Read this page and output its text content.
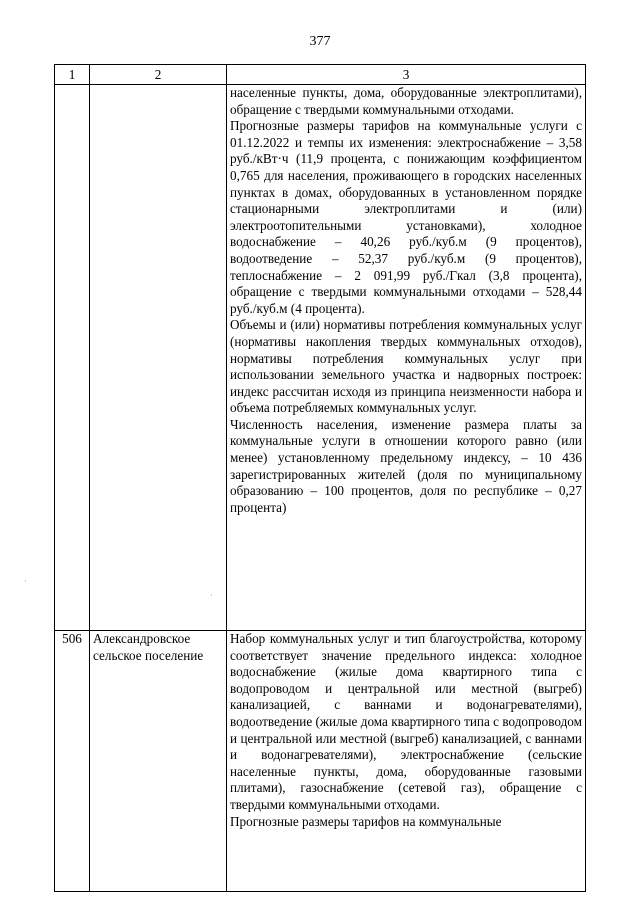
377
1	2	3

		населенные пункты, дома, оборудованные электроплитами), обращение с твердыми коммунальными отходами.

Прогнозные размеры тарифов на коммунальные услуги с 01.12.2022 и темпы их изменения: электроснабжение – 3,58 руб./кВт·ч (11,9 процента, с понижающим коэффициентом 0,765 для населения, проживающего в городских населенных пунктах в домах, оборудованных в установленном порядке стационарными электроплитами и (или) электроотопительными установками), холодное водоснабжение – 40,26 руб./куб.м (9 процентов), водоотведение – 52,37 руб./куб.м (9 процентов), теплоснабжение – 2 091,99 руб./Гкал (3,8 процента), обращение с твердыми коммунальными отходами – 528,44 руб./куб.м (4 процента).

Объемы и (или) нормативы потребления коммунальных услуг (нормативы накопления твердых коммунальных отходов), нормативы потребления коммунальных услуг при использовании земельного участка и надворных построек: индекс рассчитан исходя из принципа неизменности набора и объема потребляемых коммунальных услуг.

Численность населения, изменение размера платы за коммунальные услуги в отношении которого равно (или менее) установленному предельному индексу, – 10 436 зарегистрированных жителей (доля по муниципальному образованию – 100 процентов, доля по республике – 0,27 процента)

506	Александровское сельское поселение	Набор коммунальных услуг и тип благоустройства, которому соответствует значение предельного индекса: холодное водоснабжение (жилые дома квартирного типа с водопроводом и центральной или местной (выгреб) канализацией, с ваннами и водонагревателями), водоотведение (жилые дома квартирного типа с водопроводом и центральной или местной (выгреб) канализацией, с ваннами и водонагревателями), электроснабжение (сельские населенные пункты, дома, оборудованные газовыми плитами), газоснабжение (сетевой газ), обращение с твердыми коммунальными отходами.

Прогнозные размеры тарифов на коммунальные

·
·
